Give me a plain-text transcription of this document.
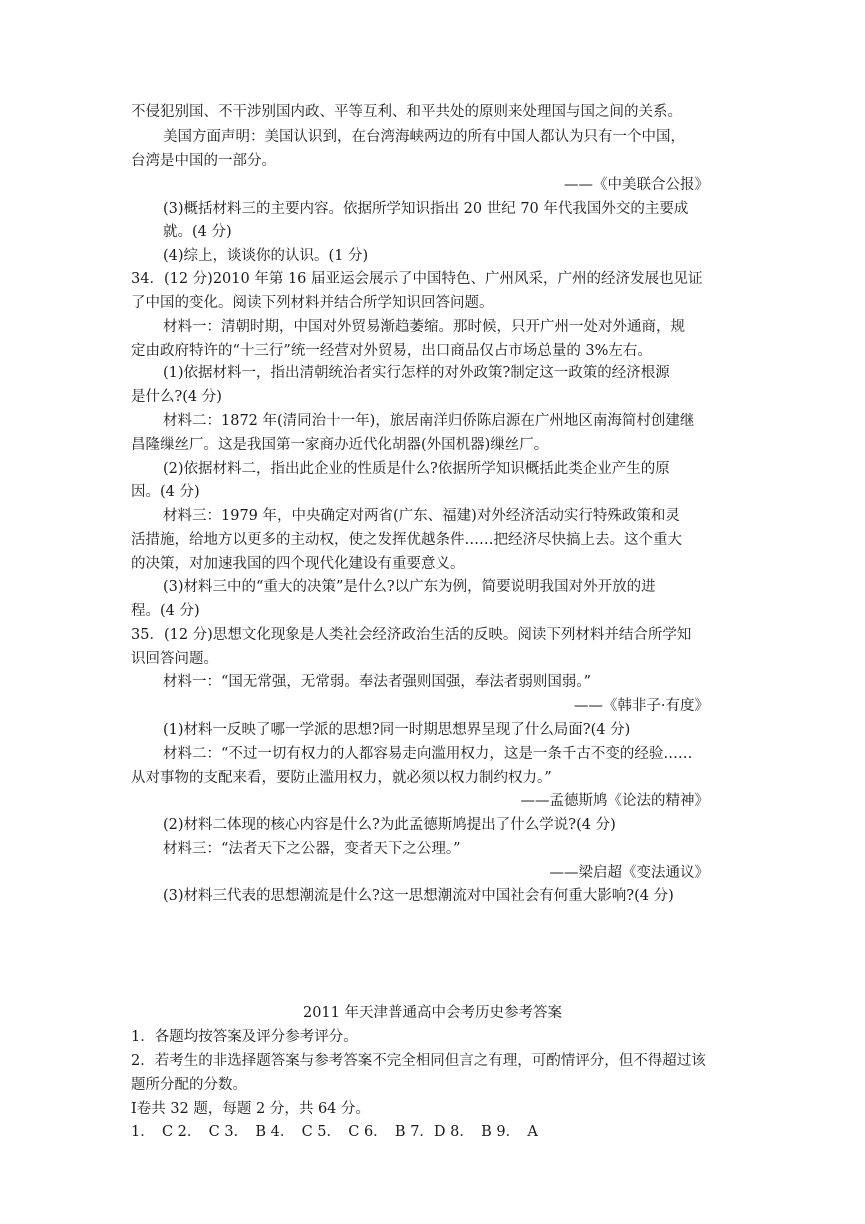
不侵犯别国、不干涉别国内政、平等互利、和平共处的原则来处理国与国之间的关系。
美国方面声明：美国认识到，在台湾海峡两边的所有中国人都认为只有一个中国，
台湾是中国的一部分。
——《中美联合公报》
(3)概括材料三的主要内容。依据所学知识指出 20 世纪 70 年代我国外交的主要成
就。(4 分)
(4)综上，谈谈你的认识。(1 分)
34．(12 分)2010 年第 16 届亚运会展示了中国特色、广州风采，广州的经济发展也见证
了中国的变化。阅读下列材料并结合所学知识回答问题。
材料一：清朝时期，中国对外贸易渐趋萎缩。那时候，只开广州一处对外通商，规
定由政府特许的“十三行”统一经营对外贸易，出口商品仅占市场总量的 3%左右。
(1)依据材料一，指出清朝统治者实行怎样的对外政策?制定这一政策的经济根源
是什么?(4 分)
材料二：1872 年(清同治十一年)，旅居南洋归侨陈启源在广州地区南海简村创建继
昌隆缫丝厂。这是我国第一家商办近代化胡器(外国机器)缫丝厂。
(2)依据材料二，指出此企业的性质是什么?依据所学知识概括此类企业产生的原
因。(4 分)
材料三：1979 年，中央确定对两省(广东、福建)对外经济活动实行特殊政策和灵
活措施，给地方以更多的主动权，使之发挥优越条件……把经济尽快搞上去。这个重大
的决策，对加速我国的四个现代化建设有重要意义。
(3)材料三中的“重大的决策”是什么?以广东为例，简要说明我国对外开放的进
程。(4 分)
35．(12 分)思想文化现象是人类社会经济政治生活的反映。阅读下列材料并结合所学知
识回答问题。
材料一：“国无常强，无常弱。奉法者强则国强，奉法者弱则国弱。”
——《韩非子·有度》
(1)材料一反映了哪一学派的思想?同一时期思想界呈现了什么局面?(4 分)
材料二：“不过一切有权力的人都容易走向滥用权力，这是一条千古不变的经验……
从对事物的支配来看，要防止滥用权力，就必须以权力制约权力。”
——孟德斯鸠《论法的精神》
(2)材料二体现的核心内容是什么?为此孟德斯鸠提出了什么学说?(4 分)
材料三：“法者天下之公器，变者天下之公理。”
——梁启超《变法通议》
(3)材料三代表的思想潮流是什么?这一思想潮流对中国社会有何重大影响?(4 分)
2011 年天津普通高中会考历史参考答案
1．各题均按答案及评分参考评分。
2．若考生的非选择题答案与参考答案不完全相同但言之有理，可酌情评分，但不得超过该
题所分配的分数。
Ⅰ卷共 32 题，每题 2 分，共 64 分。
1．　C 2．　C 3．　B 4．　C 5．　C 6．　B 7．D 8．　B 9．　A
